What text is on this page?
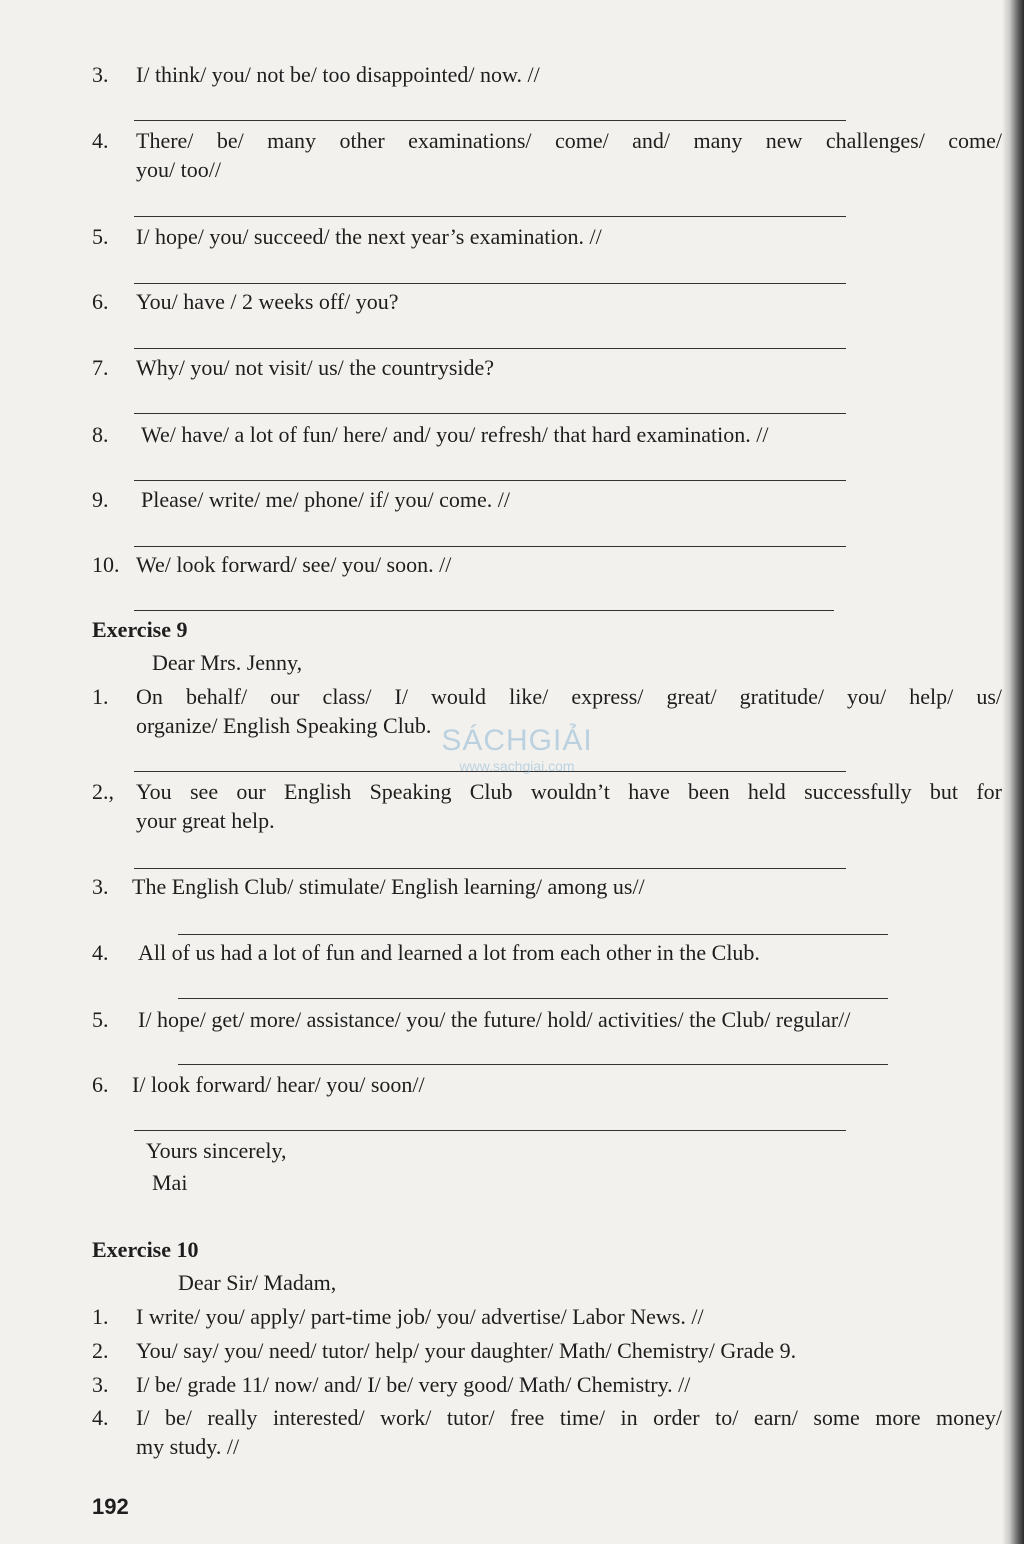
3. I/ think/ you/ not be/ too disappointed/ now. //
4. There/ be/ many other examinations/ come/ and/ many new challenges/ come/
you/ too//
5. I/ hope/ you/ succeed/ the next year’s examination. //
6. You/ have / 2 weeks off/ you?
7. Why/ you/ not visit/ us/ the countryside?
8. We/ have/ a lot of fun/ here/ and/ you/ refresh/ that hard examination. //
9. Please/ write/ me/ phone/ if/ you/ come. //
10. We/ look forward/ see/ you/ soon. //
Exercise 9
Dear Mrs. Jenny,
1. On behalf/ our class/ I/ would like/ express/ great/ gratitude/ you/ help/ us/
organize/ English Speaking Club.
2., You see our English Speaking Club wouldn’t have been held successfully but for
your great help.
3. The English Club/ stimulate/ English learning/ among us//
4. All of us had a lot of fun and learned a lot from each other in the Club.
5. I/ hope/ get/ more/ assistance/ you/ the future/ hold/ activities/ the Club/ regular//
6. I/ look forward/ hear/ you/ soon//
Yours sincerely,
Mai
Exercise 10
Dear Sir/ Madam,
1. I write/ you/ apply/ part-time job/ you/ advertise/ Labor News. //
2. You/ say/ you/ need/ tutor/ help/ your daughter/ Math/ Chemistry/ Grade 9.
3. I/ be/ grade 11/ now/ and/ I/ be/ very good/ Math/ Chemistry. //
4. I/ be/ really interested/ work/ tutor/ free time/ in order to/ earn/ some more money/
my study. //
SÁCHGIẢI
www.sachgiai.com
192
